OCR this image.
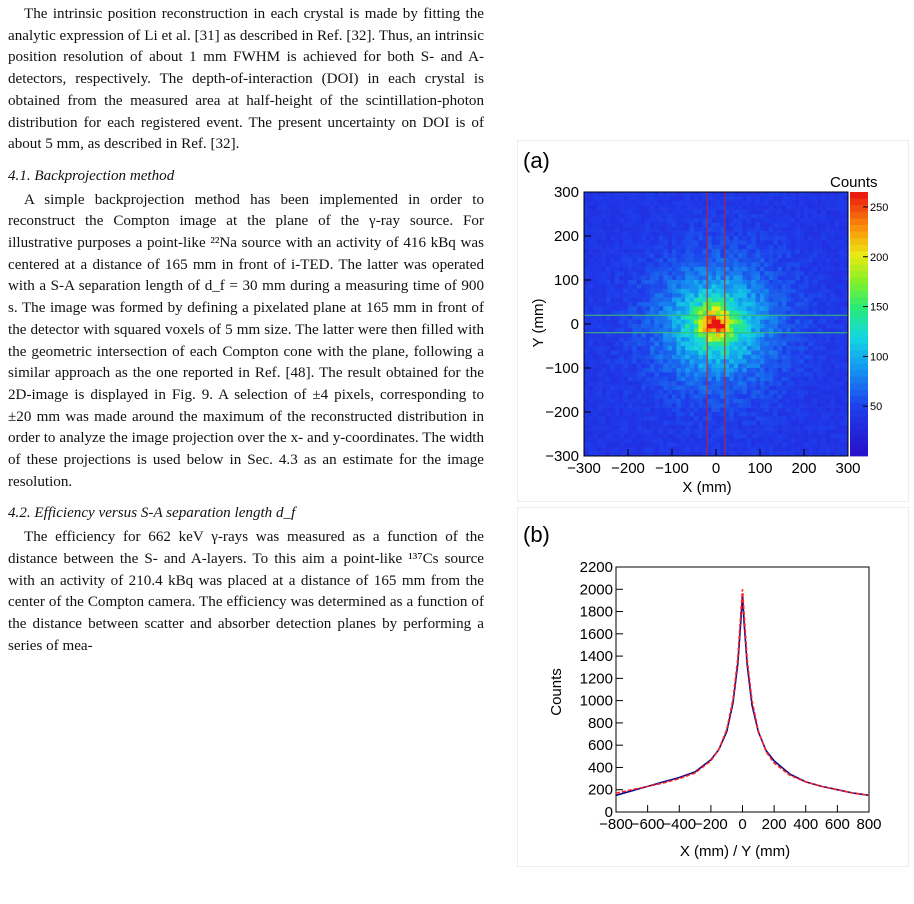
The intrinsic position reconstruction in each crystal is made by fitting the analytic expression of Li et al. [31] as described in Ref. [32]. Thus, an intrinsic position resolution of about 1 mm FWHM is achieved for both S- and A-detectors, respectively. The depth-of-interaction (DOI) in each crystal is obtained from the measured area at half-height of the scintillation-photon distribution for each registered event. The present uncertainty on DOI is of about 5 mm, as described in Ref. [32].

4.1. Backprojection method

A simple backprojection method has been implemented in order to reconstruct the Compton image at the plane of the γ-ray source. For illustrative purposes a point-like ²²Na source with an activity of 416 kBq was centered at a distance of 165 mm in front of i-TED. The latter was operated with a S-A separation length of d_f = 30 mm during a measuring time of 900 s. The image was formed by defining a pixelated plane at 165 mm in front of the detector with squared voxels of 5 mm size. The latter were then filled with the geometric intersection of each Compton cone with the plane, following a similar approach as the one reported in Ref. [48]. The result obtained for the 2D-image is displayed in Fig. 9. A selection of ±4 pixels, corresponding to ±20 mm was made around the maximum of the reconstructed distribution in order to analyze the image projection over the x- and y-coordinates. The width of these projections is used below in Sec. 4.3 as an estimate for the image resolution.

4.2. Efficiency versus S-A separation length d_f

The efficiency for 662 keV γ-rays was measured as a function of the distance between the S- and A-layers. To this aim a point-like ¹³⁷Cs source with an activity of 210.4 kBq was placed at a distance of 165 mm from the center of the Compton camera. The efficiency was determined as a function of the distance between scatter and absorber detection planes by performing a series of mea-

(a)
−300 −200 −100 0 100 200 300
300
200
100
0
−100
−200
−300
250
200
150
100
50
Counts
X (mm)
Y (mm)
(b)
−800
−600
−400
−200 0 200 400 600 800
0
200
400
600
800
1000
1200
1400
1600
1800
2000
2200
X (mm) / Y (mm)
Counts
